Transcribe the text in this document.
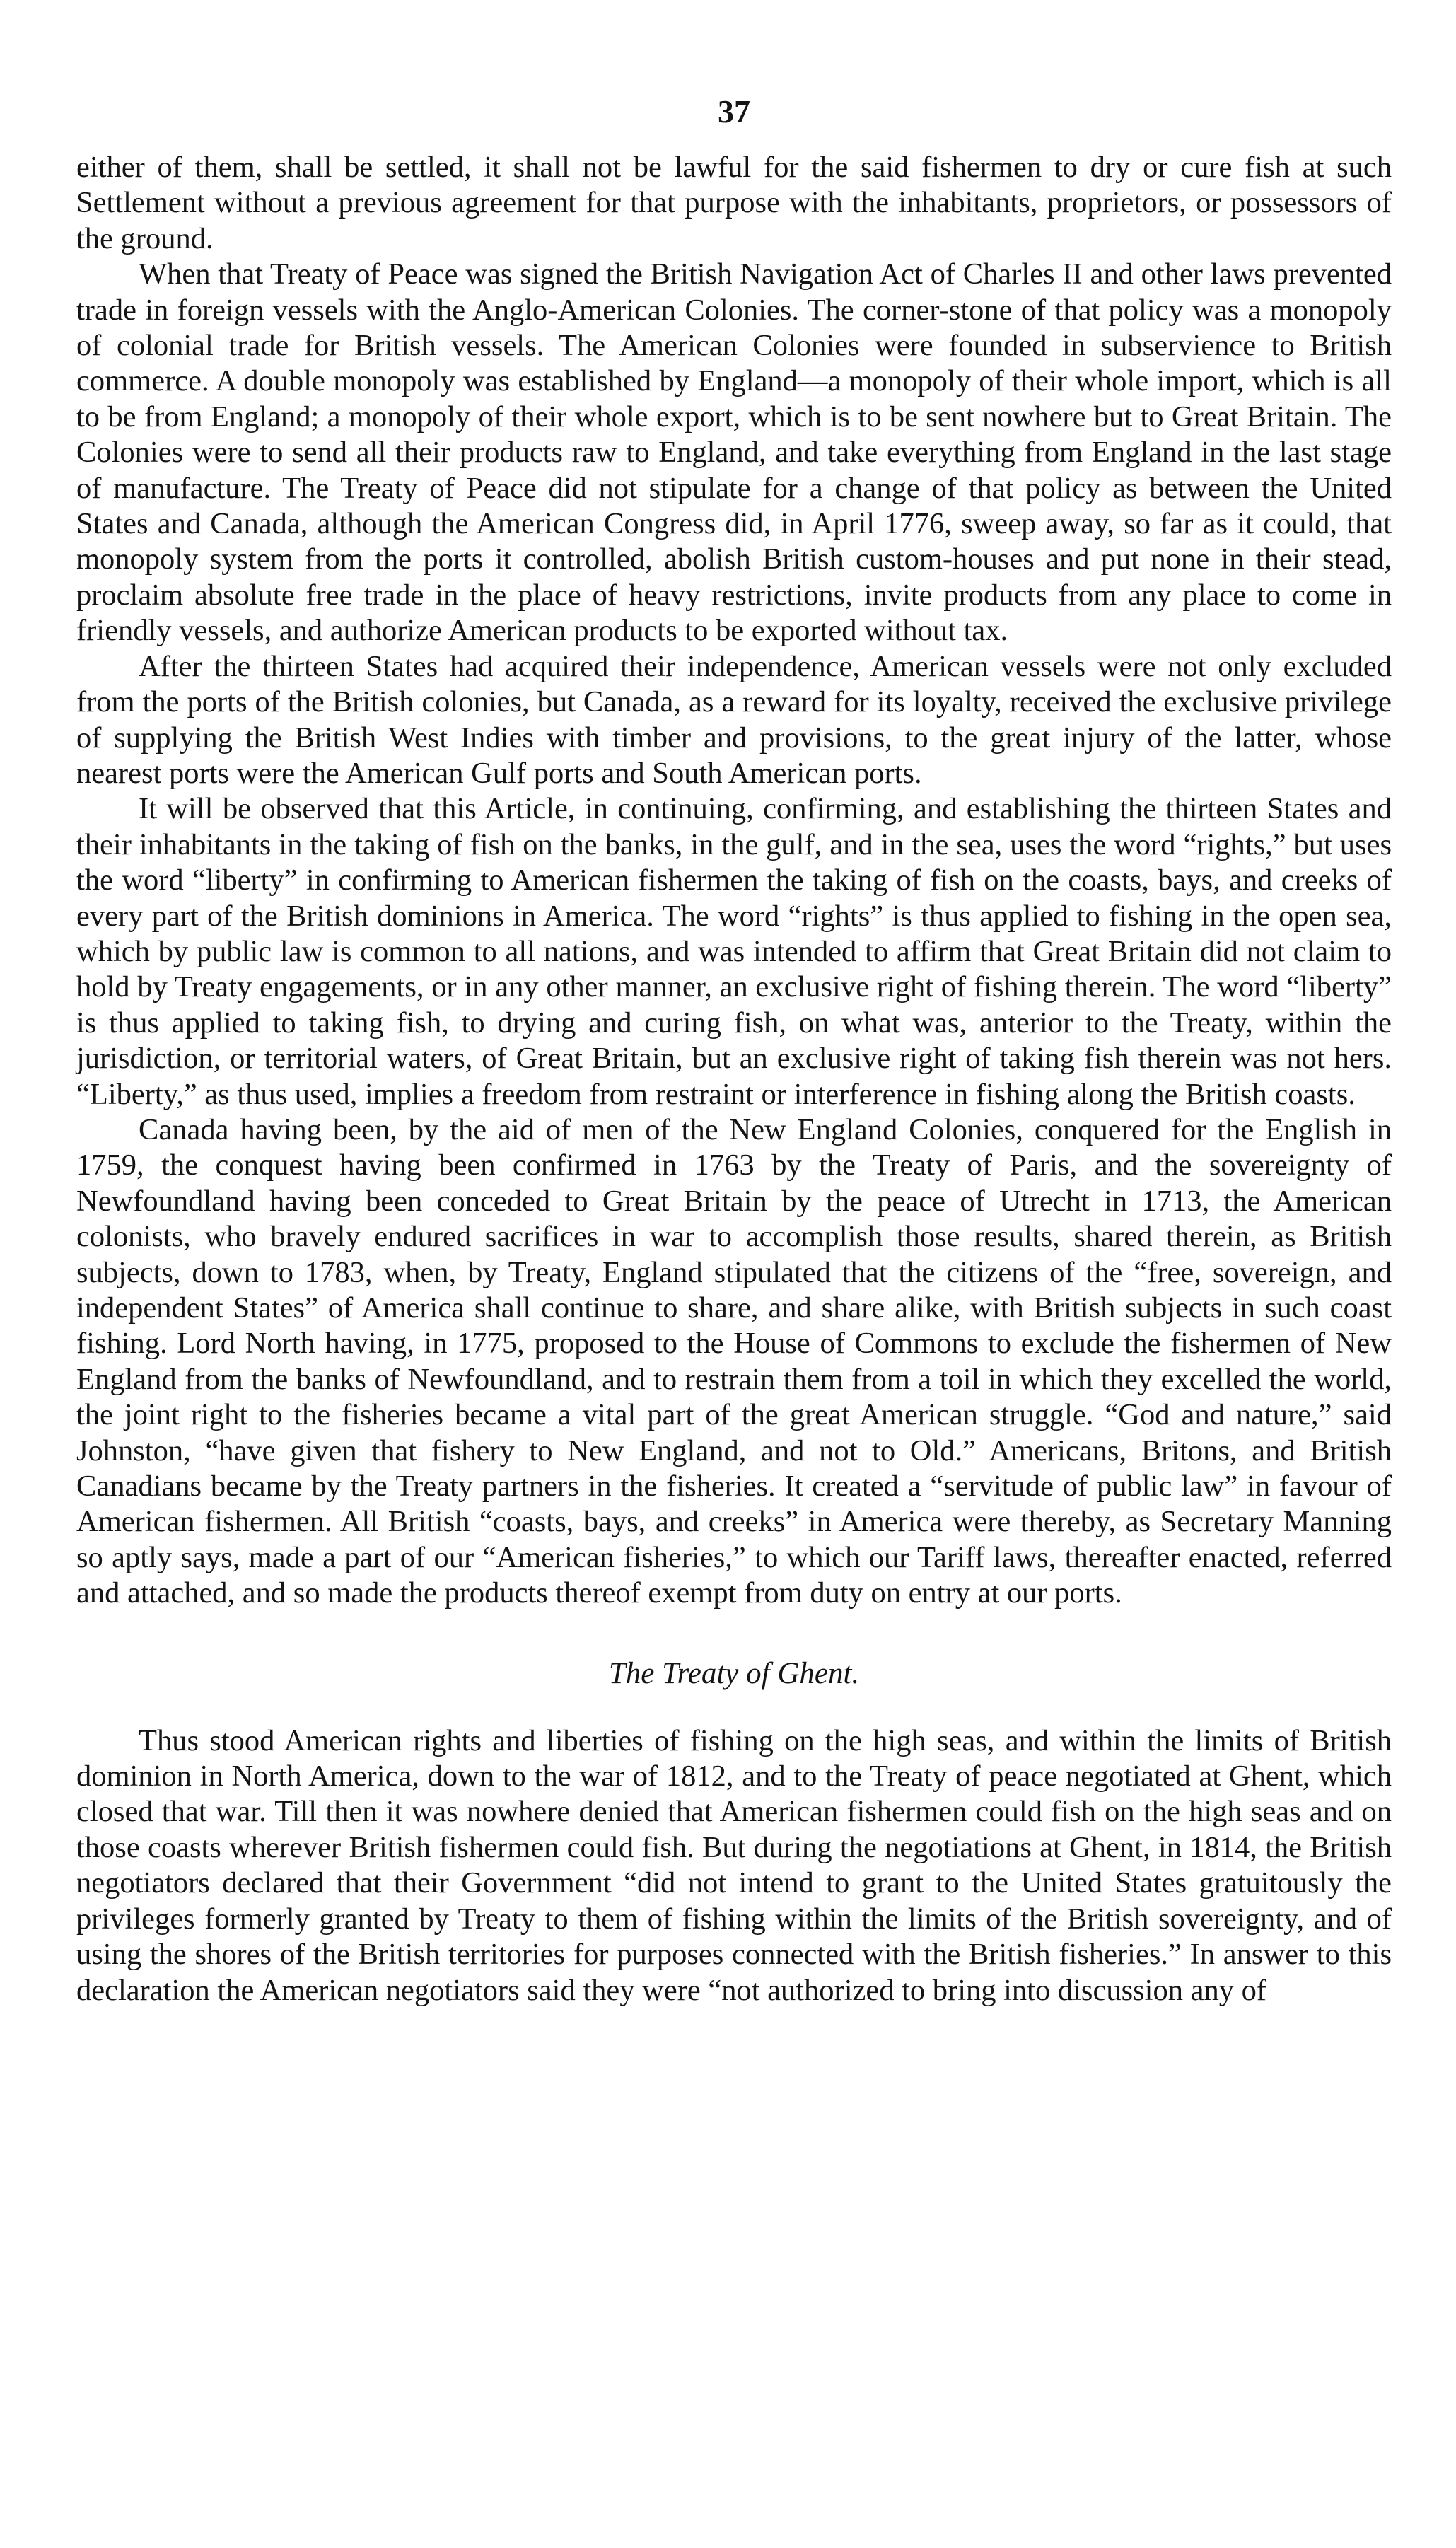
37

either of them, shall be settled, it shall not be lawful for the said fishermen to dry or cure fish at such Settlement without a previous agreement for that purpose with the inhabitants, proprietors, or possessors of the ground.

When that Treaty of Peace was signed the British Navigation Act of Charles II and other laws prevented trade in foreign vessels with the Anglo-American Colonies. The corner-stone of that policy was a monopoly of colonial trade for British vessels. The American Colonies were founded in subservience to British commerce. A double monopoly was established by England—a monopoly of their whole import, which is all to be from England; a monopoly of their whole export, which is to be sent nowhere but to Great Britain. The Colonies were to send all their products raw to England, and take everything from England in the last stage of manufacture. The Treaty of Peace did not stipulate for a change of that policy as between the United States and Canada, although the American Congress did, in April 1776, sweep away, so far as it could, that monopoly system from the ports it controlled, abolish British custom-houses and put none in their stead, proclaim absolute free trade in the place of heavy restrictions, invite products from any place to come in friendly vessels, and authorize American products to be exported without tax.

After the thirteen States had acquired their independence, American vessels were not only excluded from the ports of the British colonies, but Canada, as a reward for its loyalty, received the exclusive privilege of supplying the British West Indies with timber and provisions, to the great injury of the latter, whose nearest ports were the American Gulf ports and South American ports.

It will be observed that this Article, in continuing, confirming, and establishing the thirteen States and their inhabitants in the taking of fish on the banks, in the gulf, and in the sea, uses the word “rights,” but uses the word “liberty” in confirming to American fishermen the taking of fish on the coasts, bays, and creeks of every part of the British dominions in America. The word “rights” is thus applied to fishing in the open sea, which by public law is common to all nations, and was intended to affirm that Great Britain did not claim to hold by Treaty engagements, or in any other manner, an exclusive right of fishing therein. The word “liberty” is thus applied to taking fish, to drying and curing fish, on what was, anterior to the Treaty, within the jurisdiction, or territorial waters, of Great Britain, but an exclusive right of taking fish therein was not hers. “Liberty,” as thus used, implies a freedom from restraint or interference in fishing along the British coasts.

Canada having been, by the aid of men of the New England Colonies, conquered for the English in 1759, the conquest having been confirmed in 1763 by the Treaty of Paris, and the sovereignty of Newfoundland having been conceded to Great Britain by the peace of Utrecht in 1713, the American colonists, who bravely endured sacrifices in war to accomplish those results, shared therein, as British subjects, down to 1783, when, by Treaty, England stipulated that the citizens of the “free, sovereign, and independent States” of America shall continue to share, and share alike, with British subjects in such coast fishing. Lord North having, in 1775, proposed to the House of Commons to exclude the fishermen of New England from the banks of Newfoundland, and to restrain them from a toil in which they excelled the world, the joint right to the fisheries became a vital part of the great American struggle. “God and nature,” said Johnston, “have given that fishery to New England, and not to Old.” Americans, Britons, and British Canadians became by the Treaty partners in the fisheries. It created a “servitude of public law” in favour of American fishermen. All British “coasts, bays, and creeks” in America were thereby, as Secretary Manning so aptly says, made a part of our “American fisheries,” to which our Tariff laws, thereafter enacted, referred and attached, and so made the products thereof exempt from duty on entry at our ports.

The Treaty of Ghent.

Thus stood American rights and liberties of fishing on the high seas, and within the limits of British dominion in North America, down to the war of 1812, and to the Treaty of peace negotiated at Ghent, which closed that war. Till then it was nowhere denied that American fishermen could fish on the high seas and on those coasts wherever British fishermen could fish. But during the negotiations at Ghent, in 1814, the British negotiators declared that their Government “did not intend to grant to the United States gratuitously the privileges formerly granted by Treaty to them of fishing within the limits of the British sovereignty, and of using the shores of the British territories for purposes connected with the British fisheries.” In answer to this declaration the American negotiators said they were “not authorized to bring into discussion any of
